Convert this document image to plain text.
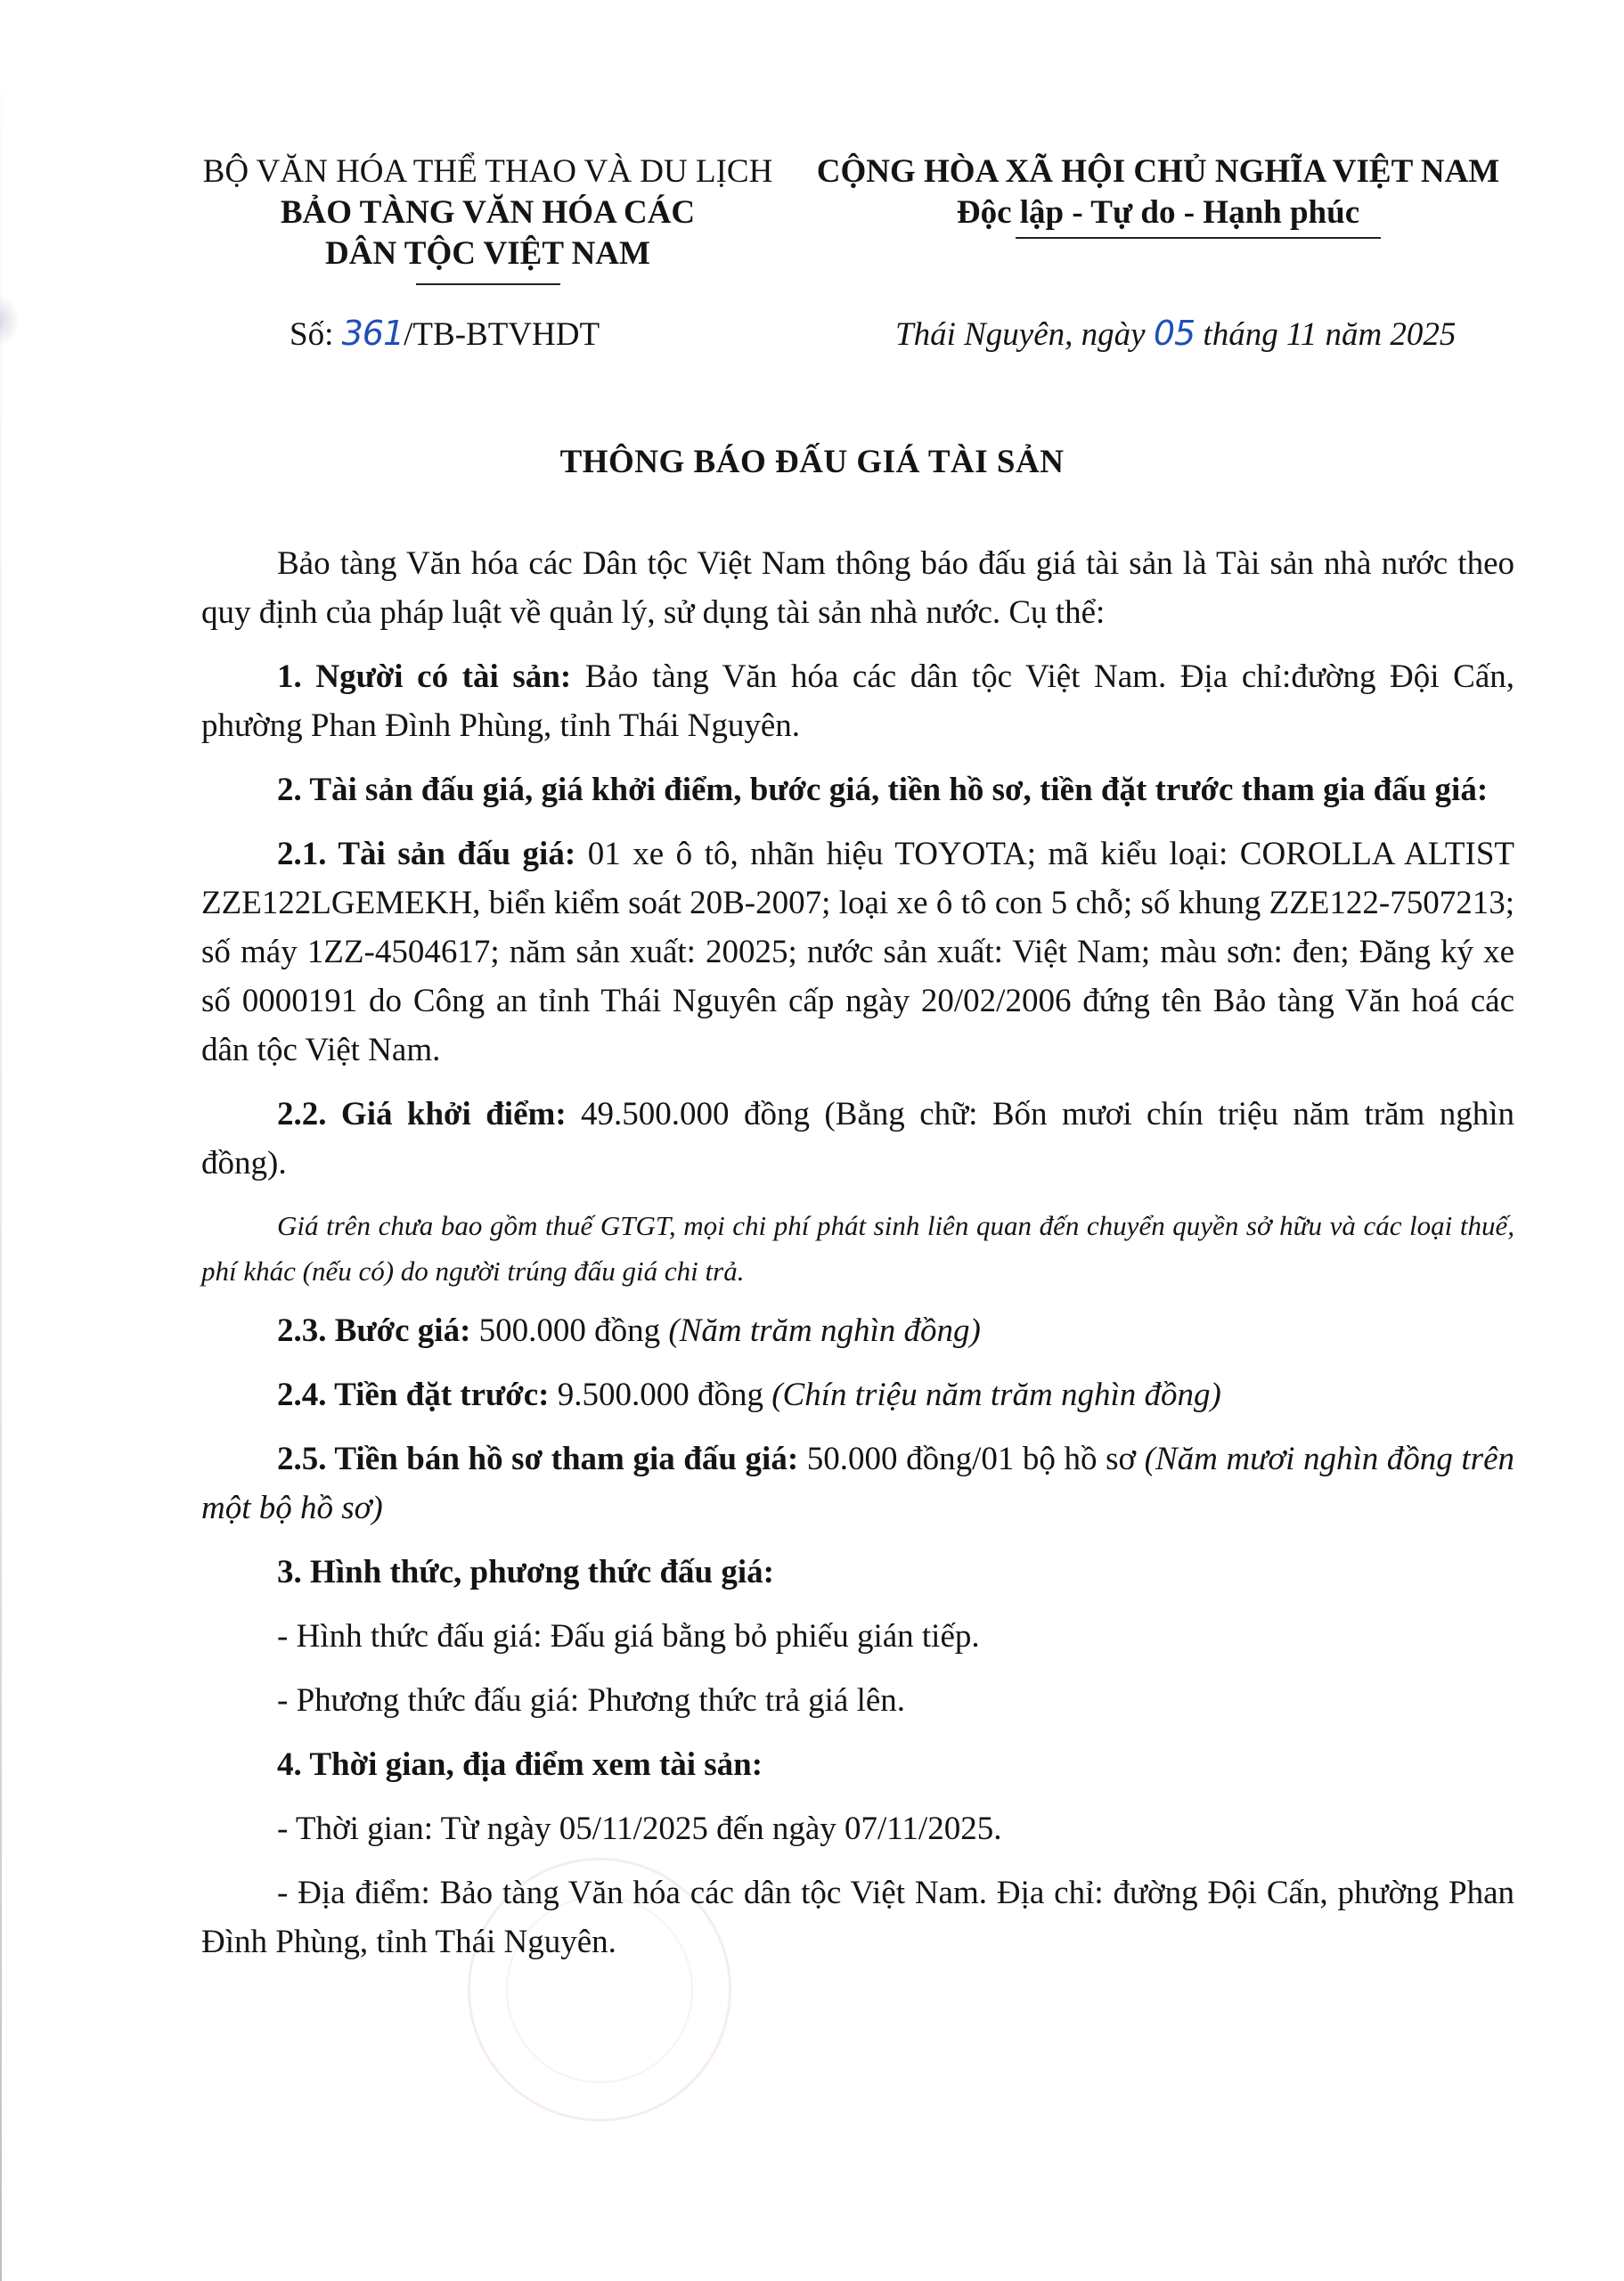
BỘ VĂN HÓA THỂ THAO VÀ DU LỊCH
BẢO TÀNG VĂN HÓA CÁC
DÂN TỘC VIỆT NAM
CỘNG HÒA XÃ HỘI CHỦ NGHĨA VIỆT NAM
Độc lập - Tự do - Hạnh phúc
Số: 361/TB-BTVHDT	Thái Nguyên, ngày 05 tháng 11 năm 2025
THÔNG BÁO ĐẤU GIÁ TÀI SẢN

Bảo tàng Văn hóa các Dân tộc Việt Nam thông báo đấu giá tài sản là Tài sản nhà nước theo quy định của pháp luật về quản lý, sử dụng tài sản nhà nước. Cụ thể:

1. Người có tài sản: Bảo tàng Văn hóa các dân tộc Việt Nam. Địa chỉ:đường Đội Cấn, phường Phan Đình Phùng, tỉnh Thái Nguyên.

2. Tài sản đấu giá, giá khởi điểm, bước giá, tiền hồ sơ, tiền đặt trước tham gia đấu giá:

2.1. Tài sản đấu giá: 01 xe ô tô, nhãn hiệu TOYOTA; mã kiểu loại: COROLLA ALTIST ZZE122LGEMEKH, biển kiểm soát 20B-2007; loại xe ô tô con 5 chỗ; số khung ZZE122-7507213; số máy 1ZZ-4504617; năm sản xuất: 20025; nước sản xuất: Việt Nam; màu sơn: đen; Đăng ký xe số 0000191 do Công an tỉnh Thái Nguyên cấp ngày 20/02/2006 đứng tên Bảo tàng Văn hoá các dân tộc Việt Nam.

2.2. Giá khởi điểm: 49.500.000 đồng (Bằng chữ: Bốn mươi chín triệu năm trăm nghìn đồng).

Giá trên chưa bao gồm thuế GTGT, mọi chi phí phát sinh liên quan đến chuyển quyền sở hữu và các loại thuế, phí khác (nếu có) do người trúng đấu giá chi trả.

2.3. Bước giá: 500.000 đồng (Năm trăm nghìn đồng)

2.4. Tiền đặt trước: 9.500.000 đồng (Chín triệu năm trăm nghìn đồng)

2.5. Tiền bán hồ sơ tham gia đấu giá: 50.000 đồng/01 bộ hồ sơ (Năm mươi nghìn đồng trên một bộ hồ sơ)

3. Hình thức, phương thức đấu giá:

- Hình thức đấu giá: Đấu giá bằng bỏ phiếu gián tiếp.

- Phương thức đấu giá: Phương thức trả giá lên.

4. Thời gian, địa điểm xem tài sản:

- Thời gian: Từ ngày 05/11/2025 đến ngày 07/11/2025.

- Địa điểm: Bảo tàng Văn hóa các dân tộc Việt Nam. Địa chỉ: đường Đội Cấn, phường Phan Đình Phùng, tỉnh Thái Nguyên.
